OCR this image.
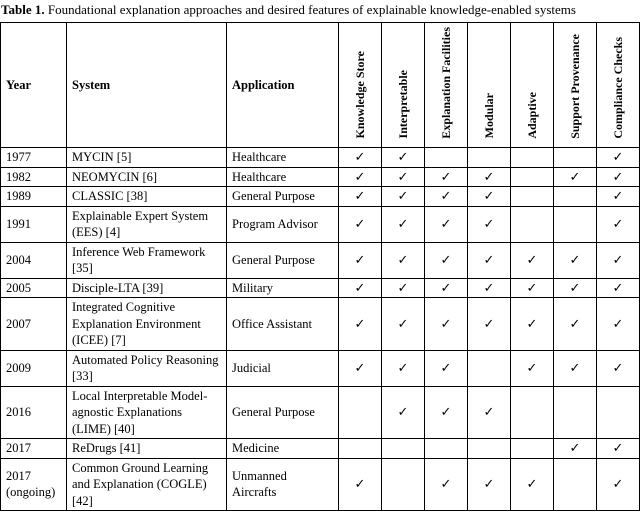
Table 1. Foundational explanation approaches and desired features of explainable knowledge-enabled systems
Year	System	Application	Knowledge Store	Interpretable	Explanation Facilities	Modular	Adaptive	Support Provenance	Compliance Checks
1977	MYCIN [5]	Healthcare	✓	✓					✓
1982	NEOMYCIN [6]	Healthcare	✓	✓	✓	✓		✓	✓
1989	CLASSIC [38]	General Purpose	✓	✓	✓	✓			✓
1991	Explainable Expert System (EES) [4]	Program Advisor	✓	✓	✓	✓			✓
2004	Inference Web Framework [35]	General Purpose	✓	✓	✓	✓	✓	✓	✓
2005	Disciple-LTA [39]	Military	✓	✓	✓	✓	✓	✓	✓
2007	Integrated Cognitive Explanation Environment (ICEE) [7]	Office Assistant	✓	✓	✓	✓	✓	✓	✓
2009	Automated Policy Reasoning [33]	Judicial	✓	✓	✓		✓	✓	✓
2016	Local Interpretable Model-agnostic Explanations (LIME) [40]	General Purpose		✓	✓	✓			
2017	ReDrugs [41]	Medicine						✓	✓
2017 (ongoing)	Common Ground Learning and Explanation (COGLE) [42]	Unmanned Aircrafts	✓		✓	✓	✓		✓
